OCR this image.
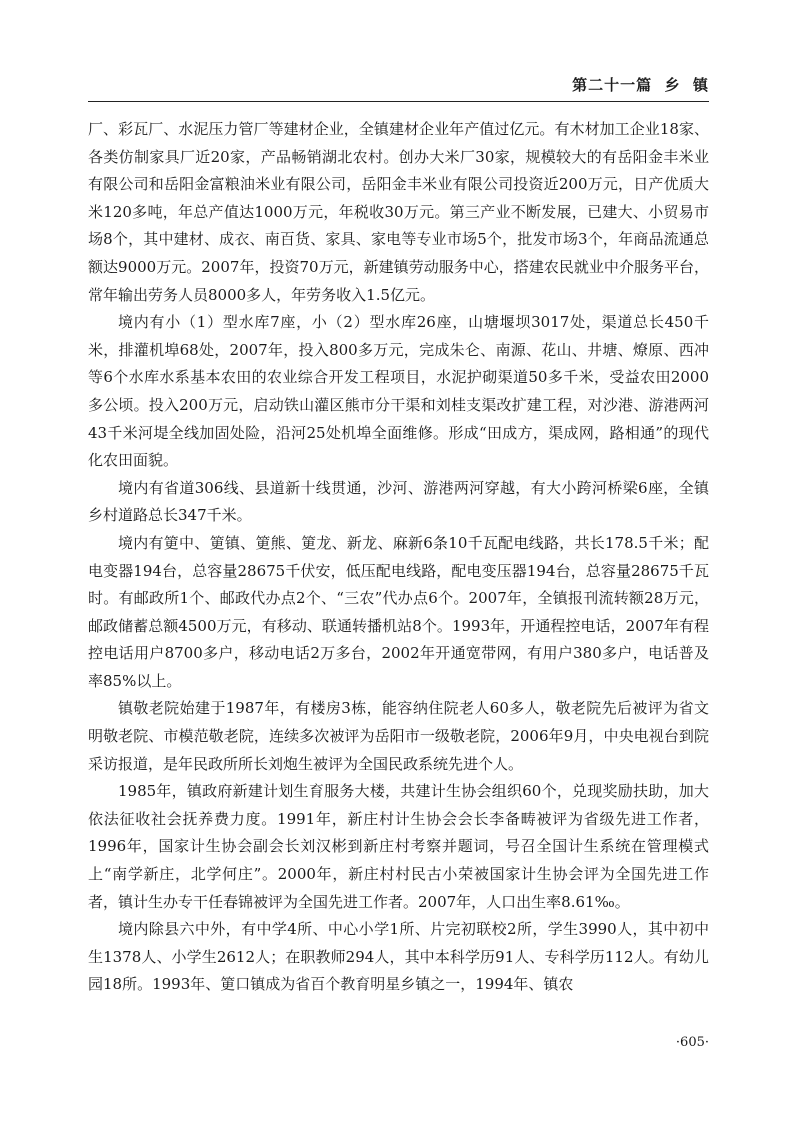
第二十一篇  乡  镇

厂、彩瓦厂、水泥压力管厂等建材企业，全镇建材企业年产值过亿元。有木材加工企业18家、各类仿制家具厂近20家，产品畅销湖北农村。创办大米厂30家，规模较大的有岳阳金丰米业有限公司和岳阳金富粮油米业有限公司，岳阳金丰米业有限公司投资近200万元，日产优质大米120多吨，年总产值达1000万元，年税收30万元。第三产业不断发展，已建大、小贸易市场8个，其中建材、成衣、南百货、家具、家电等专业市场5个，批发市场3个，年商品流通总额达9000万元。2007年，投资70万元，新建镇劳动服务中心，搭建农民就业中介服务平台，常年输出劳务人员8000多人，年劳务收入1.5亿元。

境内有小（1）型水库7座，小（2）型水库26座，山塘堰坝3017处，渠道总长450千米，排灌机埠68处，2007年，投入800多万元，完成朱仑、南源、花山、井塘、燎原、西冲等6个水库水系基本农田的农业综合开发工程项目，水泥护砌渠道50多千米，受益农田2000多公顷。投入200万元，启动铁山灌区熊市分干渠和刘桂支渠改扩建工程，对沙港、游港两河43千米河堤全线加固处险，沿河25处机埠全面维修。形成“田成方，渠成网，路相通”的现代化农田面貌。

境内有省道306线、县道新十线贯通，沙河、游港两河穿越，有大小跨河桥梁6座，全镇乡村道路总长347千米。

境内有筻中、筻镇、筻熊、筻龙、新龙、麻新6条10千瓦配电线路，共长178.5千米；配电变器194台，总容量28675千伏安，低压配电线路，配电变压器194台，总容量28675千瓦时。有邮政所1个、邮政代办点2个、“三农”代办点6个。2007年，全镇报刊流转额28万元，邮政储蓄总额4500万元，有移动、联通转播机站8个。1993年，开通程控电话，2007年有程控电话用户8700多户，移动电话2万多台，2002年开通宽带网，有用户380多户，电话普及率85%以上。

镇敬老院始建于1987年，有楼房3栋，能容纳住院老人60多人，敬老院先后被评为省文明敬老院、市模范敬老院，连续多次被评为岳阳市一级敬老院，2006年9月，中央电视台到院采访报道，是年民政所所长刘炮生被评为全国民政系统先进个人。

1985年，镇政府新建计划生育服务大楼，共建计生协会组织60个，兑现奖励扶助，加大依法征收社会抚养费力度。1991年，新庄村计生协会会长李备畴被评为省级先进工作者，1996年，国家计生协会副会长刘汉彬到新庄村考察并题词，号召全国计生系统在管理模式上“南学新庄，北学何庄”。2000年，新庄村村民古小荣被国家计生协会评为全国先进工作者，镇计生办专干任春锦被评为全国先进工作者。2007年，人口出生率8.61‰。

境内除县六中外，有中学4所、中心小学1所、片完初联校2所，学生3990人，其中初中生1378人、小学生2612人；在职教师294人，其中本科学历91人、专科学历112人。有幼儿园18所。1993年、筻口镇成为省百个教育明星乡镇之一，1994年、镇农

·605·
